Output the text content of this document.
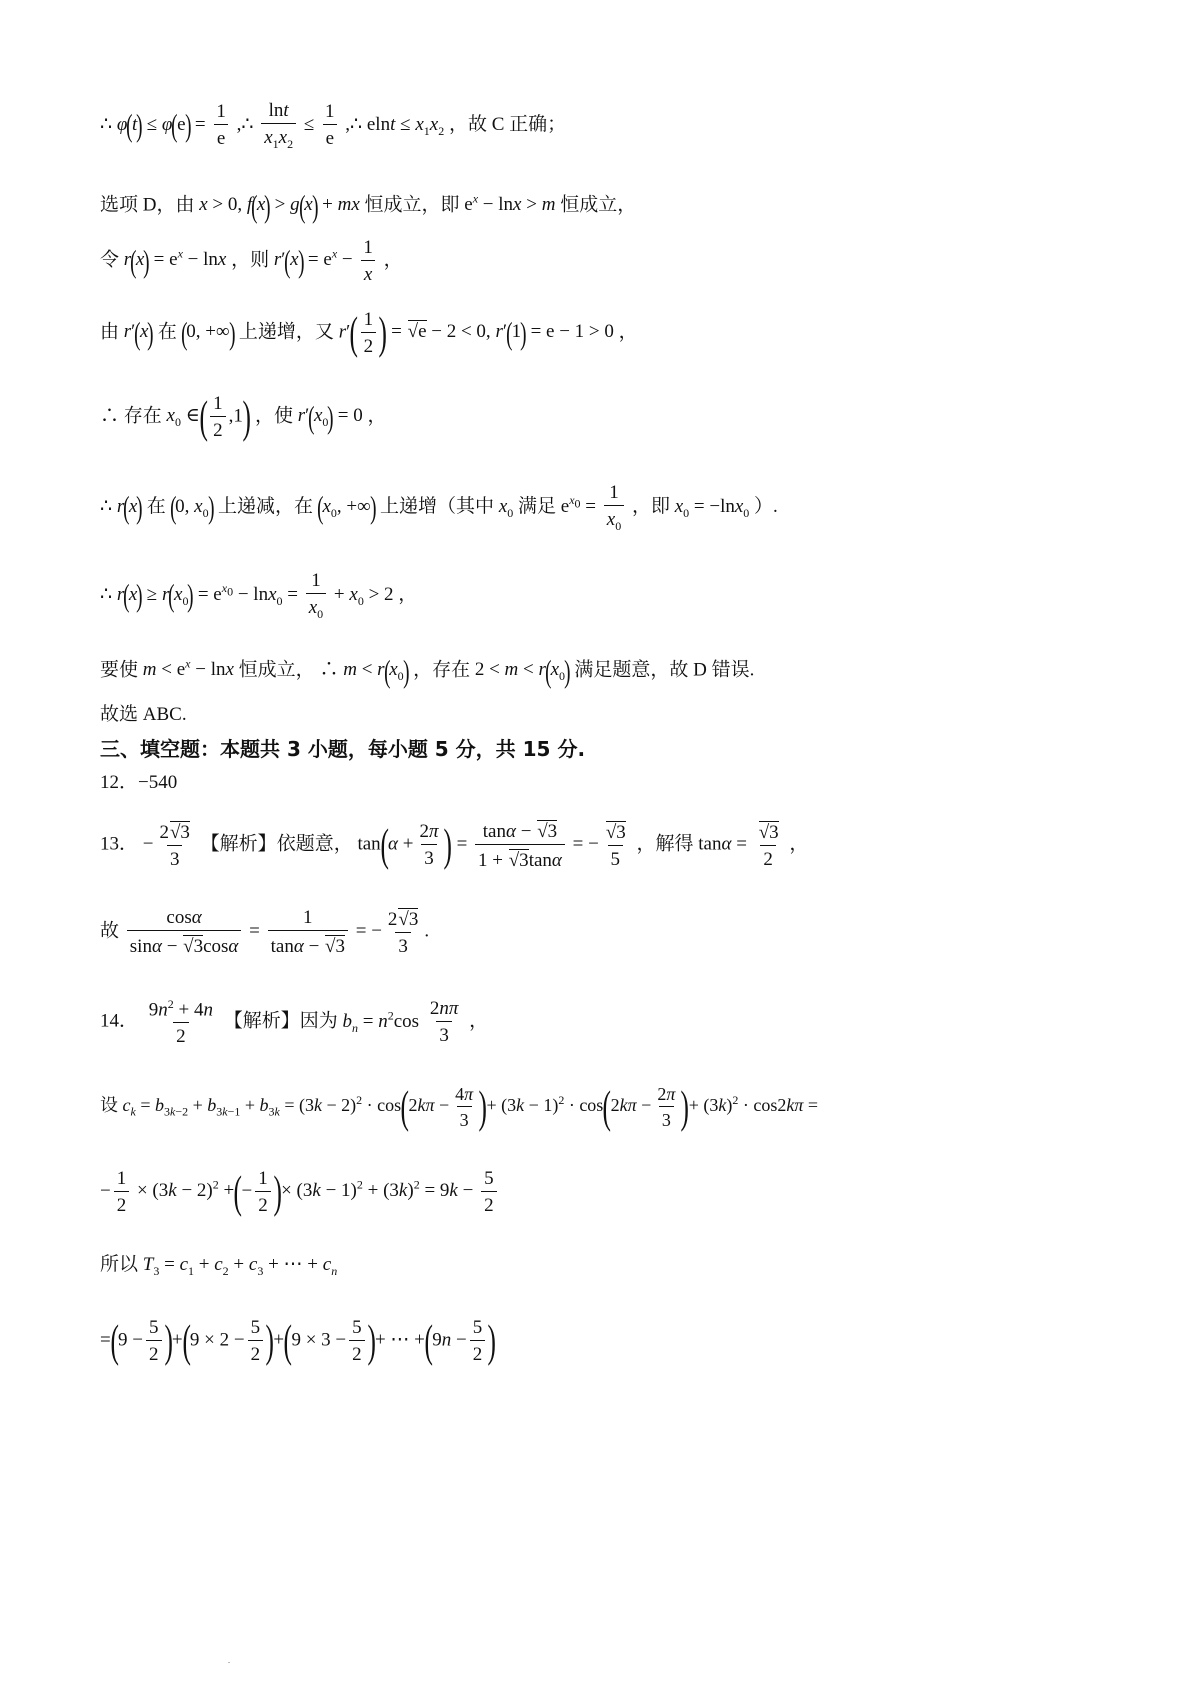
∴ $\varphi(t) \le \varphi(e) = \frac{1}{e}$ ,∴ $\frac{\ln t}{x_1x_2} \le \frac{1}{e}$ ,∴ $elnt \le x_1x_2$ ，故 C 正确；
选项 D，由 x > 0, f(x) > g(x) + mx 恒成立，即 $e^x - \ln x > m$ 恒成立，
令 $r(x) = e^x - \ln x$ ，则 $r'(x) = e^x - \frac{1}{x}$ ，
由 r′(x) 在 (0, +∞) 上递增，又 $r'( \frac{1}{2}$ ) = √e − 2 < 0, r′(1) = e − 1 > 0 ，
∴ 存在 $x_0$ ∈( $\frac{1}{2} ,1$) ，使 $r'(x_0) = 0$ ，
∴ r(x) 在 (0, $x_0$) 上递减，在 ($x_0$, +∞) 上递增（其中 $x_0$ 满足 $e^{x_0} = \frac{1}{x_0}$ ，即 $x_0 = -\ln x_0$ ）.
∴ $r(x) \ge r(x_0) = e^{x_0} - \ln x_0 = \frac{1}{x_0} + x_0 > 2$ ，
要使 $m < e^x - \ln x$ 恒成立， ∴ $m < r(x_0)$ ，存在 $2 < m < r(x_0)$ 满足题意，故 D 错误.
故选 ABC.
三、填空题：本题共 3 小题，每小题 5 分，共 15 分.
12．−540
13． − $\frac{2√3}{3}$ 【解析】依题意， $\tan(\alpha + \frac{2\pi}{3}$ ) = $\frac{\tan\alpha - √3}{1 + √3\tan\alpha}$ = − $\frac{√3}{5}$ ，解得 $\tan\alpha = \frac{√3}{2}$ ，
故 $\frac{\cos\alpha}{\sin\alpha - √3\cos\alpha} = \frac{1}{\tan\alpha - √3}$ = − $\frac{2√3}{3}$ .
14． $\frac{9n^2 + 4n}{2}$ 【解析】因为 $b_n = n^2\cos \frac{2n\pi}{3}$ ，
设 $c_k = b_{3k-2} + b_{3k-1} + b_{3k} = (3k - 2)^2 \cdot \cos(2k\pi - \frac{4\pi}{3}$ )+ $(3k - 1)^2 \cdot \cos(2k\pi - \frac{2\pi}{3}$ )+ $(3k)^2 \cdot \cos 2k\pi$ =
− $\frac{1}{2} \times (3k - 2)^2$ +(− $\frac{1}{2}$ )× $(3k - 1)^2 + (3k)^2 = 9k - \frac{5}{2}$
所以 $T_3 = c_1 + c_2 + c_3$ + ⋯ + $c_n$
$=(9 - \frac{5}{2} )+(9 \times 2 - \frac{5}{2} )+(9 \times 3 - \frac{5}{2}$ )+ ⋯ $+(9n - \frac{5}{2}$ )
